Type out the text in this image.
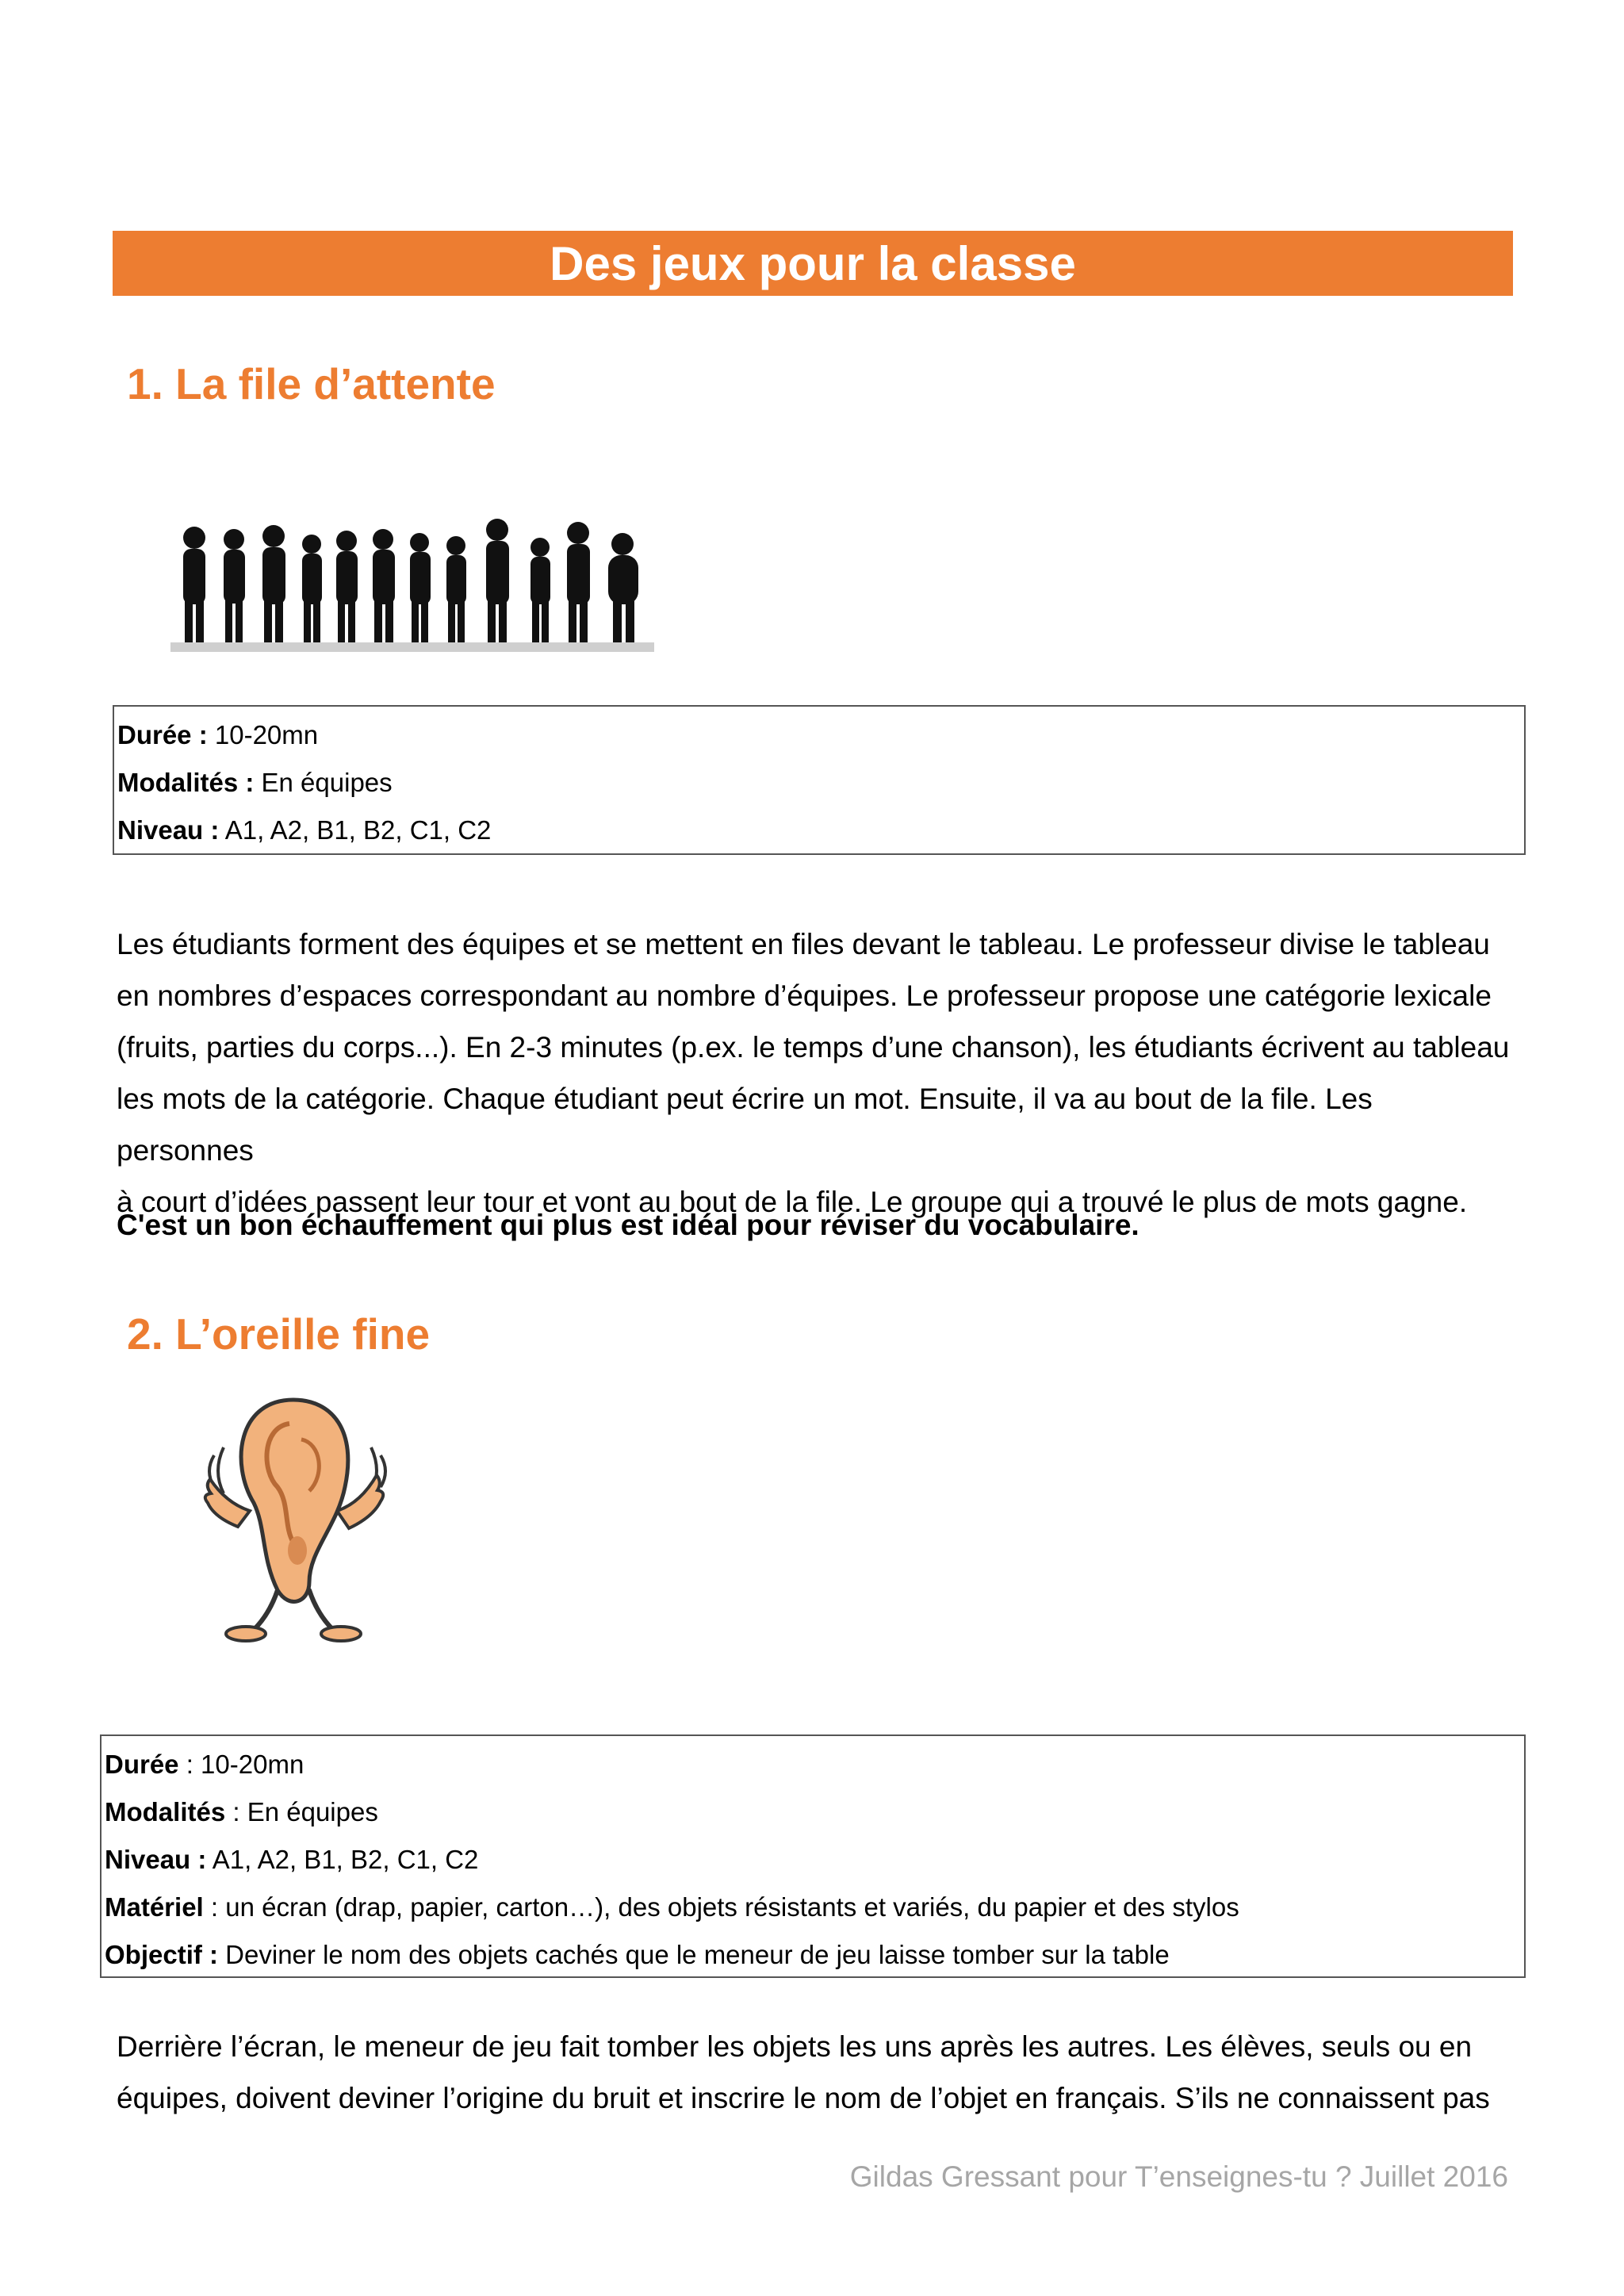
Des jeux pour la classe
1. La file d’attente
Durée : 10-20mn
Modalités : En équipes
Niveau : A1, A2, B1, B2, C1, C2
Les étudiants forment des équipes et se mettent en files devant le tableau. Le professeur divise le tableau
en nombres d’espaces correspondant au nombre d’équipes. Le professeur propose une catégorie lexicale
(fruits, parties du corps...). En 2-3 minutes (p.ex. le temps d’une chanson), les étudiants écrivent au tableau
les mots de la catégorie. Chaque étudiant peut écrire un mot. Ensuite, il va au bout de la file. Les personnes
à court d’idées passent leur tour et vont au bout de la file. Le groupe qui a trouvé le plus de mots gagne.
C'est un bon échauffement qui plus est idéal pour réviser du vocabulaire.
2. L’oreille fine
Durée : 10-20mn
Modalités : En équipes
Niveau : A1, A2, B1, B2, C1, C2
Matériel : un écran (drap, papier, carton…), des objets résistants et variés, du papier et des stylos
Objectif : Deviner le nom des objets cachés que le meneur de jeu laisse tomber sur la table
Derrière l’écran, le meneur de jeu fait tomber les objets les uns après les autres. Les élèves, seuls ou en
équipes, doivent deviner l’origine du bruit et inscrire le nom de l’objet en français. S’ils ne connaissent pas
Gildas Gressant pour T’enseignes-tu ? Juillet 2016
